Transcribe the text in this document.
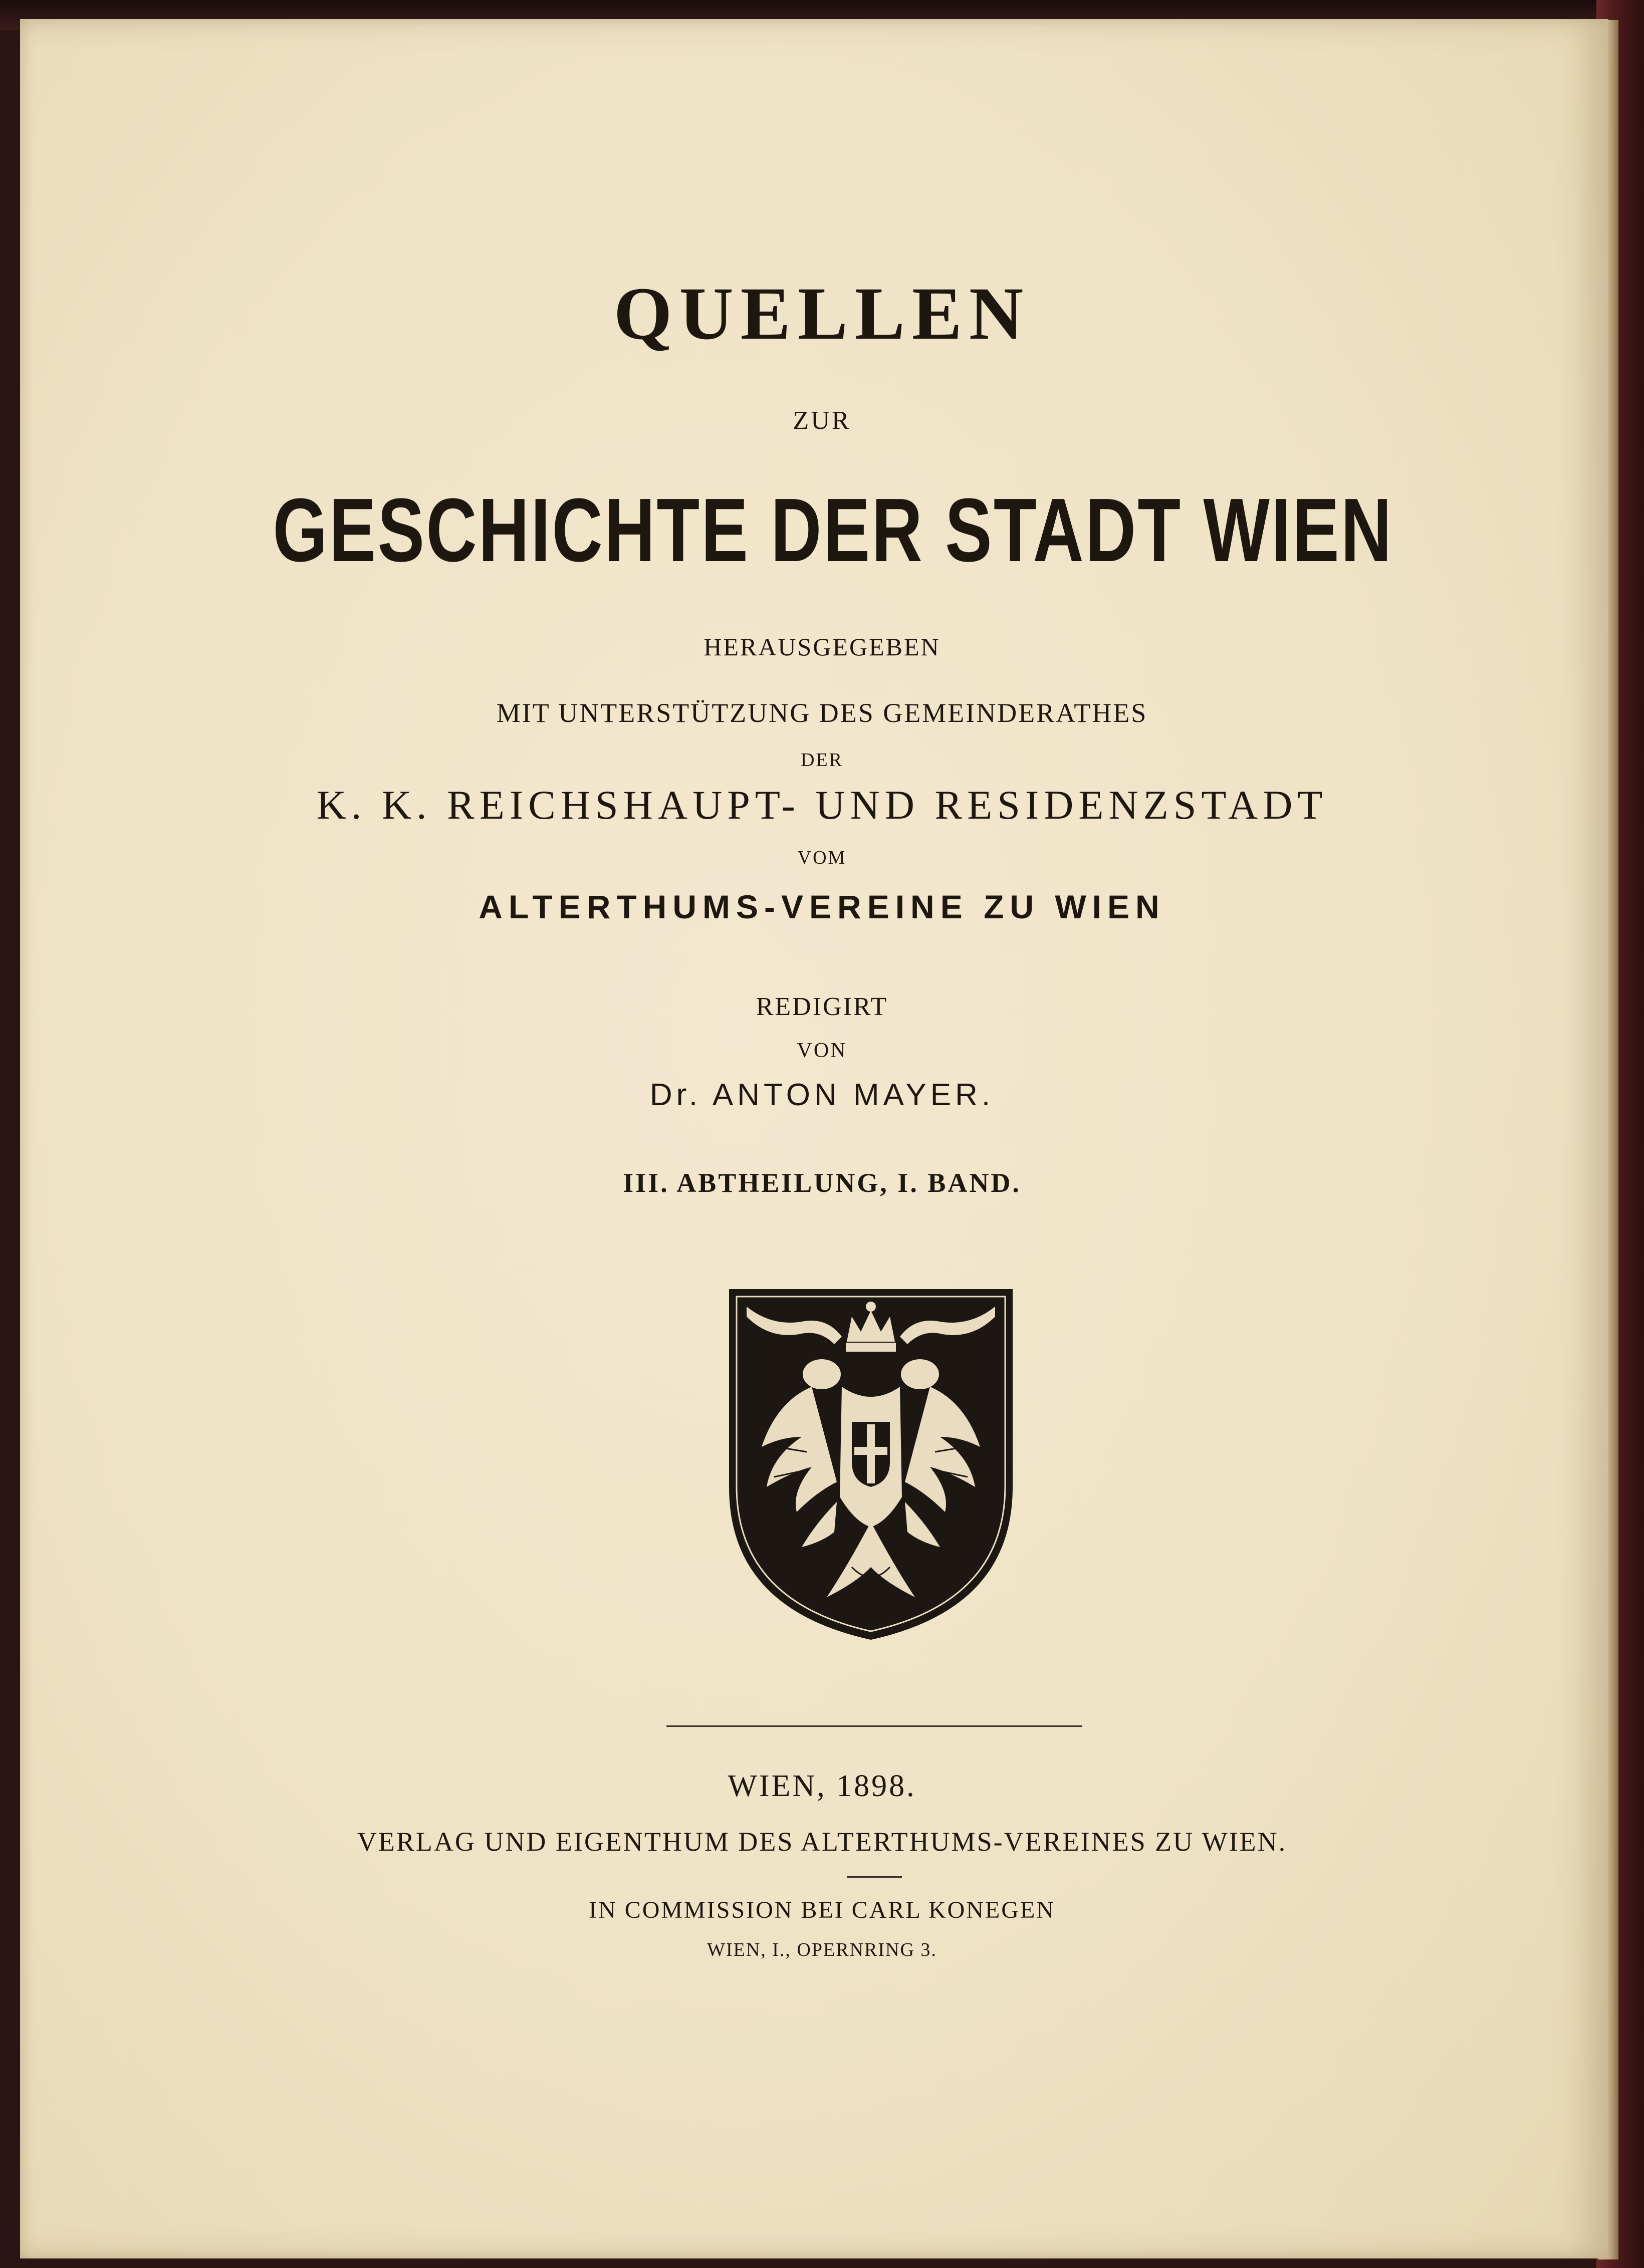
QUELLEN
ZUR
GESCHICHTE DER STADT WIEN
HERAUSGEGEBEN
MIT UNTERSTÜTZUNG DES GEMEINDERATHES
DER
K. K. REICHSHAUPT- UND RESIDENZSTADT
VOM
ALTERTHUMS-VEREINE ZU WIEN
REDIGIRT
VON
Dr. ANTON MAYER.
III. ABTHEILUNG, I. BAND.
WIEN, 1898.
VERLAG UND EIGENTHUM DES ALTERTHUMS-VEREINES ZU WIEN.
IN COMMISSION BEI CARL KONEGEN
WIEN, I., OPERNRING 3.
